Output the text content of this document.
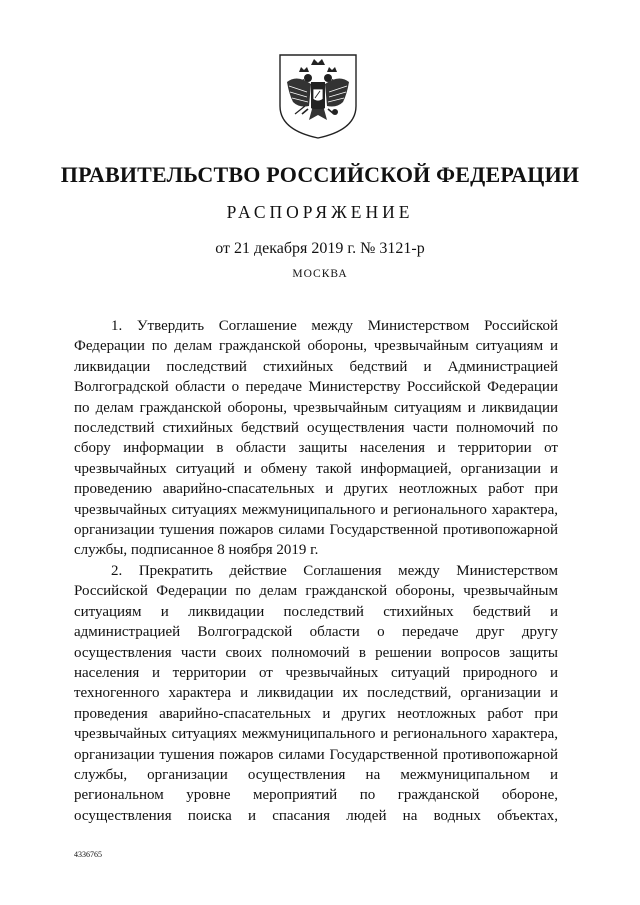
ПРАВИТЕЛЬСТВО РОССИЙСКОЙ ФЕДЕРАЦИИ
РАСПОРЯЖЕНИЕ
от 21 декабря 2019 г. № 3121-р
МОСКВА

1. Утвердить Соглашение между Министерством Российской Федерации по делам гражданской обороны, чрезвычайным ситуациям и ликвидации последствий стихийных бедствий и Администрацией Волгоградской области о передаче Министерству Российской Федерации по делам гражданской обороны, чрезвычайным ситуациям и ликвидации последствий стихийных бедствий осуществления части полномочий по сбору информации в области защиты населения и территории от чрезвычайных ситуаций и обмену такой информацией, организации и проведению аварийно-спасательных и других неотложных работ при чрезвычайных ситуациях межмуниципального и регионального характера, организации тушения пожаров силами Государственной противопожарной службы, подписанное 8 ноября 2019 г.

2. Прекратить действие Соглашения между Министерством Российской Федерации по делам гражданской обороны, чрезвычайным ситуациям и ликвидации последствий стихийных бедствий и администрацией Волгоградской области о передаче друг другу осуществления части своих полномочий в решении вопросов защиты населения и территории от чрезвычайных ситуаций природного и техногенного характера и ликвидации их последствий, организации и проведения аварийно-спасательных и других неотложных работ при чрезвычайных ситуациях межмуниципального и регионального характера, организации тушения пожаров силами Государственной противопожарной службы, организации осуществления на межмуниципальном и региональном уровне мероприятий по гражданской обороне, осуществления поиска и спасания людей на водных объектах,

4336765
